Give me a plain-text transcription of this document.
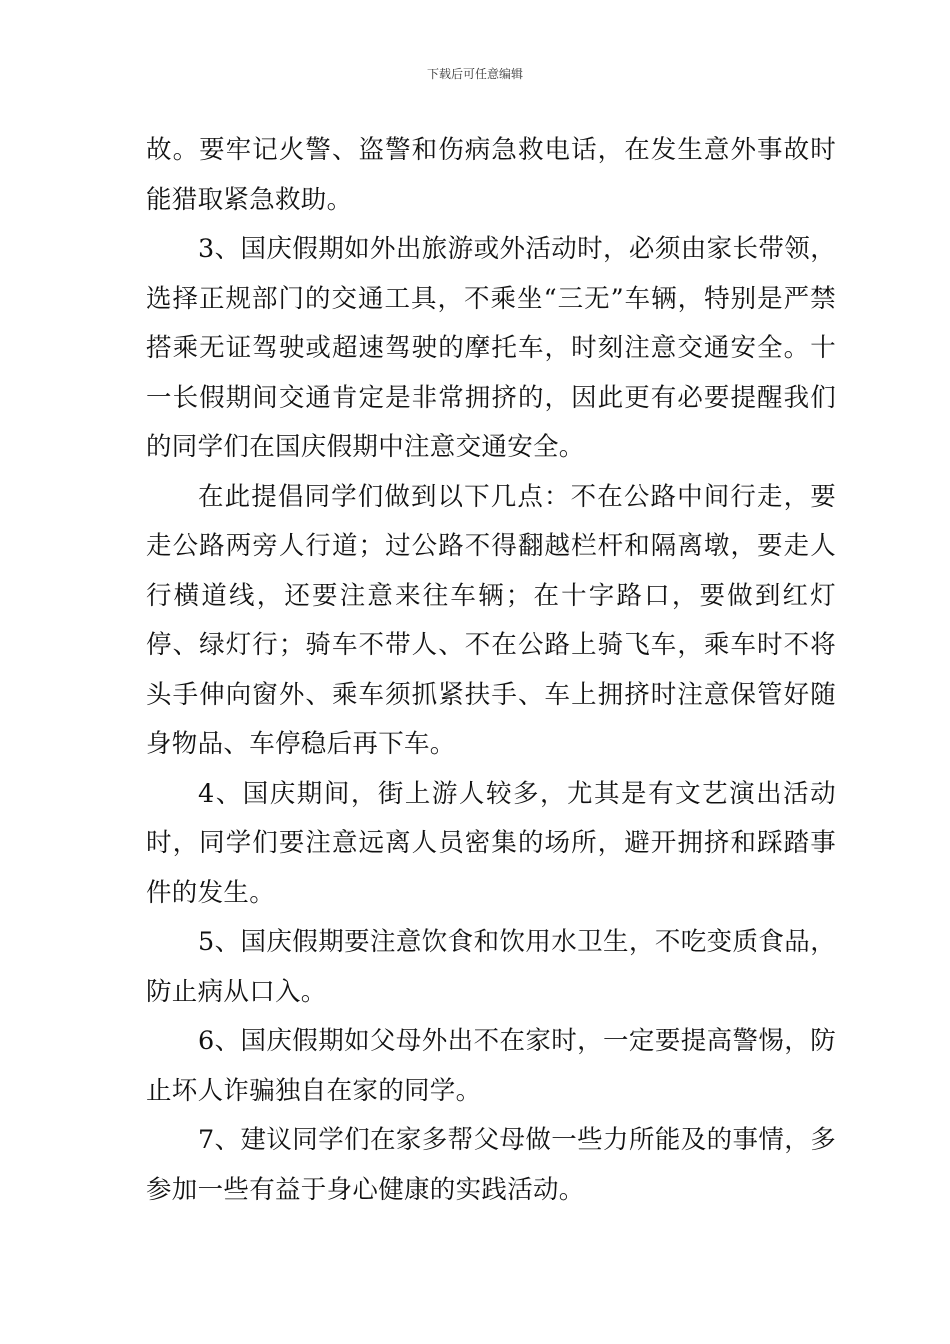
下载后可任意编辑

故。要牢记火警、盗警和伤病急救电话，在发生意外事故时能猎取紧急救助。

3、国庆假期如外出旅游或外活动时，必须由家长带领，选择正规部门的交通工具，不乘坐“三无”车辆，特别是严禁搭乘无证驾驶或超速驾驶的摩托车，时刻注意交通安全。十一长假期间交通肯定是非常拥挤的，因此更有必要提醒我们的同学们在国庆假期中注意交通安全。

在此提倡同学们做到以下几点：不在公路中间行走，要走公路两旁人行道；过公路不得翻越栏杆和隔离墩，要走人行横道线，还要注意来往车辆；在十字路口，要做到红灯停、绿灯行；骑车不带人、不在公路上骑飞车，乘车时不将头手伸向窗外、乘车须抓紧扶手、车上拥挤时注意保管好随身物品、车停稳后再下车。

4、国庆期间，街上游人较多，尤其是有文艺演出活动时，同学们要注意远离人员密集的场所，避开拥挤和踩踏事件的发生。

5、国庆假期要注意饮食和饮用水卫生，不吃变质食品，防止病从口入。

6、国庆假期如父母外出不在家时，一定要提高警惕，防止坏人诈骗独自在家的同学。

7、建议同学们在家多帮父母做一些力所能及的事情，多参加一些有益于身心健康的实践活动。
